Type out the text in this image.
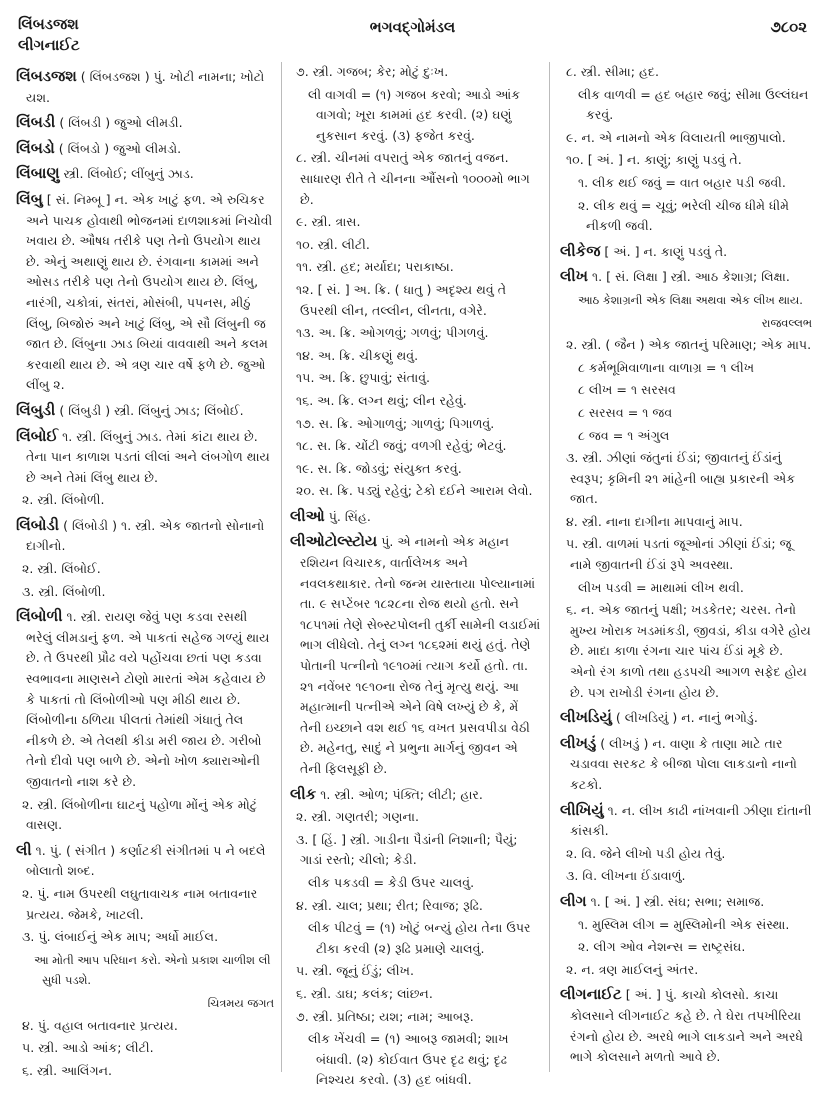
લિંબડજશ
લીગનાઈટ
ભગવદ્ગોમંડલ	૭૮૦૨
લિંબડજશ ( લિંબડજશ ) પું. ખોટી નામના; ખોટો યશ.
લિંબડી ( લિંબડી ) જુઓ લીમડી.
લિંબડો ( લિંબડો ) જુઓ લીમડો.
લિંબાણુ સ્ત્રી. લિંબોઈ; લીંબુનું ઝાડ.
લિંબુ [ સં. નિમ્બૂ ] ન. એક ખાટું ફળ. એ રુચિકર અને પાચક હોવાથી ભોજનમાં દાળશાકમાં નિચોવી ખવાય છે. ઔષધ તરીકે પણ તેનો ઉપયોગ થાય છે. એનું અથાણું થાય છે. રંગવાના કામમાં અને ઓસડ તરીકે પણ તેનો ઉપયોગ થાય છે. લિંબુ, નારંગી, ચકોત્રાં, સંતરાં, મોસંબી, પપનસ, મીઠું લિંબુ, બિજોરું અને ખાટું લિંબુ, એ સૌ લિંબુની જ જાત છે. લિંબુના ઝાડ બિયાં વાવવાથી અને કલમ કરવાથી થાય છે. એ ત્રણ ચાર વર્ષે ફળે છે. જુઓ લીંબુ ૨.
લિંબુડી ( લિંબુડી ) સ્ત્રી. લિંબુનું ઝાડ; લિંબોઈ.
લિંબોઈ ૧. સ્ત્રી. લિંબુનું ઝાડ. તેમાં કાંટા થાય છે. તેના પાન કાળાશ પડતાં લીલાં અને લંબગોળ થાય છે અને તેમાં લિંબુ થાય છે.
૨. સ્ત્રી. લિંબોળી.
લિંબોડી ( લિંબોડી ) ૧. સ્ત્રી. એક જાતનો સોનાનો દાગીનો.
૨. સ્ત્રી. લિંબોઈ.
૩. સ્ત્રી. લિંબોળી.
લિંબોળી ૧. સ્ત્રી. રાયણ જેવું પણ કડવા રસથી ભરેલું લીમડાનું ફળ. એ પાકતાં સહેજ ગળ્યું થાય છે. તે ઉપરથી પ્રૌઢ વયે પહોંચવા છતાં પણ કડવા સ્વભાવના માણસને ટોણો મારતાં એમ કહેવાય છે કે પાકતાં તો લિંબોળીઓ પણ મીઠી થાય છે. લિંબોળીના ઠળિયા પીલતાં તેમાંથી ગંધાતું તેલ નીકળે છે. એ તેલથી કીડા મરી જાય છે. ગરીબો તેનો દીવો પણ બાળે છે. એનો ખોળ ક્યારાઓની જીવાતનો નાશ કરે છે.
૨. સ્ત્રી. લિંબોળીના ઘાટનું પહોળા મોંનું એક મોટું વાસણ.
લી ૧. પું. ( સંગીત ) કર્ણાટકી સંગીતમાં પ ને બદલે બોલાતો શબ્દ.
૨. પું. નામ ઉપરથી લઘુતાવાચક નામ બતાવનાર પ્રત્યય. જેમકે, ખાટલી.
૩. પું. લંબાઈનું એક માપ; અર્ધો માઈલ.
આ મોતી આપ પરિધાન કરો. એનો પ્રકાશ ચાળીશ લી સુધી પડશે.
ચિત્રમય જગત
૪. પું. વહાલ બતાવનાર પ્રત્યય.
૫. સ્ત્રી. આડો આંક; લીટી.
૬. સ્ત્રી. આલિંગન.
૭. સ્ત્રી. ગજબ; કેર; મોટું દુઃખ.
લી વાગવી = (૧) ગજબ કરવો; આડો આંક વાગવો; ખૂરા કામમાં હદ કરવી. (૨) ઘણું નુકસાન કરવું. (૩) ફજેત કરવું.
૮. સ્ત્રી. ચીનમાં વપરાતું એક જાતનું વજન. સાધારણ રીતે તે ચીનના ઔંસનો ૧૦૦૦મો ભાગ છે.
૯. સ્ત્રી. ત્રાસ.
૧૦. સ્ત્રી. લીટી.
૧૧. સ્ત્રી. હદ; મર્યાદા; પરાકાષ્ઠા.
૧૨. [ સં. ] અ. ક્રિ. ( ધાતુ ) અદૃશ્ય થવું તે ઉપરથી લીન, તલ્લીન, લીનતા, વગેરે.
૧૩. અ. ક્રિ. ઓગળવું; ગળવું; પીગળવું.
૧૪. અ. ક્રિ. ચીકણું થવું.
૧૫. અ. ક્રિ. છુપાવું; સંતાવું.
૧૬. અ. ક્રિ. લગ્ન થવું; લીન રહેવું.
૧૭. સ. ક્રિ. ઓગાળવું; ગાળવું; પિગાળવું.
૧૮. સ. ક્રિ. ચોંટી જવું; વળગી રહેવું; ભેટવું.
૧૯. સ. ક્રિ. જોડવું; સંયુક્ત કરવું.
૨૦. સ. ક્રિ. પડ્યું રહેવું; ટેકો દઈને આરામ લેવો.
લીઓ પું. સિંહ.
લીઓટોલ્સ્ટોય પું. એ નામનો એક મહાન રશિયન વિચારક, વાર્તાલેખક અને નવલકથાકાર. તેનો જન્મ યાસ્તાયા પોલ્યાનામાં તા. ૯ સપ્ટેંબર ૧૮૨૮ના રોજ થયો હતો. સને ૧૮૫૧માં તેણે સેબ્સ્ટપોલની તુર્કી સામેની લડાઈમાં ભાગ લીધેલો. તેનું લગ્ન ૧૮૬૨માં થયું હતું. તેણે પોતાની પત્નીનો ૧૯૧૦માં ત્યાગ કર્યો હતો. તા. ૨૧ નવેંબર ૧૯૧૦ના રોજ તેનું મૃત્યુ થયું. આ મહાત્માની પત્નીએ એને વિષે લખ્યું છે કે, મેં તેની ઇચ્છાને વશ થઈ ૧૬ વખત પ્રસવપીડા વેઠી છે. મહેનતુ, સાદું ને પ્રભુના માર્ગનું જીવન એ તેની ફિલસૂફી છે.
લીક ૧. સ્ત્રી. ઓળ; પંક્તિ; લીટી; હાર.
૨. સ્ત્રી. ગણતરી; ગણના.
૩. [ હિં. ] સ્ત્રી. ગાડીના પૈડાંની નિશાની; પૈયું; ગાડાં રસ્તો; ચીલો; કેડી.
લીક પકડવી = કેડી ઉપર ચાલવું.
૪. સ્ત્રી. ચાલ; પ્રથા; રીત; રિવાજ; રૂઢિ.
લીક પીટવું = (૧) ખોટું બન્યું હોય તેના ઉપર ટીકા કરવી (૨) રૂઢિ પ્રમાણે ચાલવું.
૫. સ્ત્રી. જૂનું ઈંડું; લીખ.
૬. સ્ત્રી. ડાઘ; કલંક; લાંછન.
૭. સ્ત્રી. પ્રતિષ્ઠા; યશ; નામ; આબરૂ.
લીક ખેંચવી = (૧) આબરૂ જામવી; શાખ બંધાવી. (૨) કોઈવાત ઉપર દૃઢ થવું; દૃઢ નિશ્ચય કરવો. (૩) હદ બાંધવી.
૮. સ્ત્રી. સીમા; હદ.
લીક વાળવી = હદ બહાર જવું; સીમા ઉલ્લંઘન કરવું.
૯. ન. એ નામનો એક વિલાયતી ભાજીપાલો.
૧૦. [ અં. ] ન. કાણું; કાણું પડવું તે.
૧. લીક થઈ જવું = વાત બહાર પડી જવી.
૨. લીક થવું = ચૂવું; ભરેલી ચીજ ધીમે ધીમે નીકળી જવી.
લીકેજ [ અં. ] ન. કાણું પડવું તે.
લીખ ૧. [ સં. લિક્ષા ] સ્ત્રી. આઠ કેશાગ્ર; લિક્ષા.
આઠ કેશાગ્રની એક લિક્ષા અથવા એક લીખ થાય.
રાજવલ્લભ
૨. સ્ત્રી. ( જૈન ) એક જાતનું પરિમાણ; એક માપ.
૮ કર્મભૂમિવાળાના વાળાગ્ર = ૧ લીખ
૮ લીખ = ૧ સરસવ
૮ સરસવ = ૧ જવ
૮ જવ = ૧ અંગુલ
૩. સ્ત્રી. ઝીણાં જંતુનાં ઈંડાં; જીવાતનું ઈંડાંનું સ્વરૂપ; કૃમિની ૨૧ માંહેની બાહ્ય પ્રકારની એક જાત.
૪. સ્ત્રી. નાના દાગીના માપવાનું માપ.
૫. સ્ત્રી. વાળમાં પડતાં જૂઓનાં ઝીણાં ઈંડાં; જૂ નામે જીવાતની ઈંડાં રૂપે અવસ્થા.
લીખ પડવી = માથામાં લીખ થવી.
૬. ન. એક જાતનું પક્ષી; ખડકેતર; ચરસ. તેનો મુખ્ય ખોરાક ખડમાંકડી, જીવડાં, કીડા વગેરે હોય છે. માદા કાળા રંગના ચાર પાંચ ઈંડાં મૂકે છે. એનો રંગ કાળો તથા હડપચી આગળ સફેદ હોય છે. પગ રાખોડી રંગના હોય છે.
લીખડિયું ( લીખડિયું ) ન. નાનું ભગોડું.
લીખડું ( લીખડું ) ન. વાણા કે તાણા માટે તાર ચડાવવા સરકટ કે બીજા પોલા લાકડાનો નાનો કટકો.
લીખિયું ૧. ન. લીખ કાઢી નાંખવાની ઝીણા દાંતાની કાંસકી.
૨. વિ. જેને લીખો પડી હોય તેવું.
૩. વિ. લીખના ઈંડાવાળું.
લીગ ૧. [ અં. ] સ્ત્રી. સંઘ; સભા; સમાજ.
૧. મુસ્લિમ લીગ = મુસ્લિમોની એક સંસ્થા.
૨. લીગ ઓવ નેશન્સ = રાષ્ટ્રસંઘ.
૨. ન. ત્રણ માઈલનું અંતર.
લીગનાઈટ [ અં. ] પું. કાચો કોલસો. કાચા કોલસાને લીગનાઈટ કહે છે. તે ઘેરા તપખીરિયા રંગનો હોય છે. અરધે ભાગે લાકડાને અને અરધે ભાગે કોલસાને મળતો આવે છે.
